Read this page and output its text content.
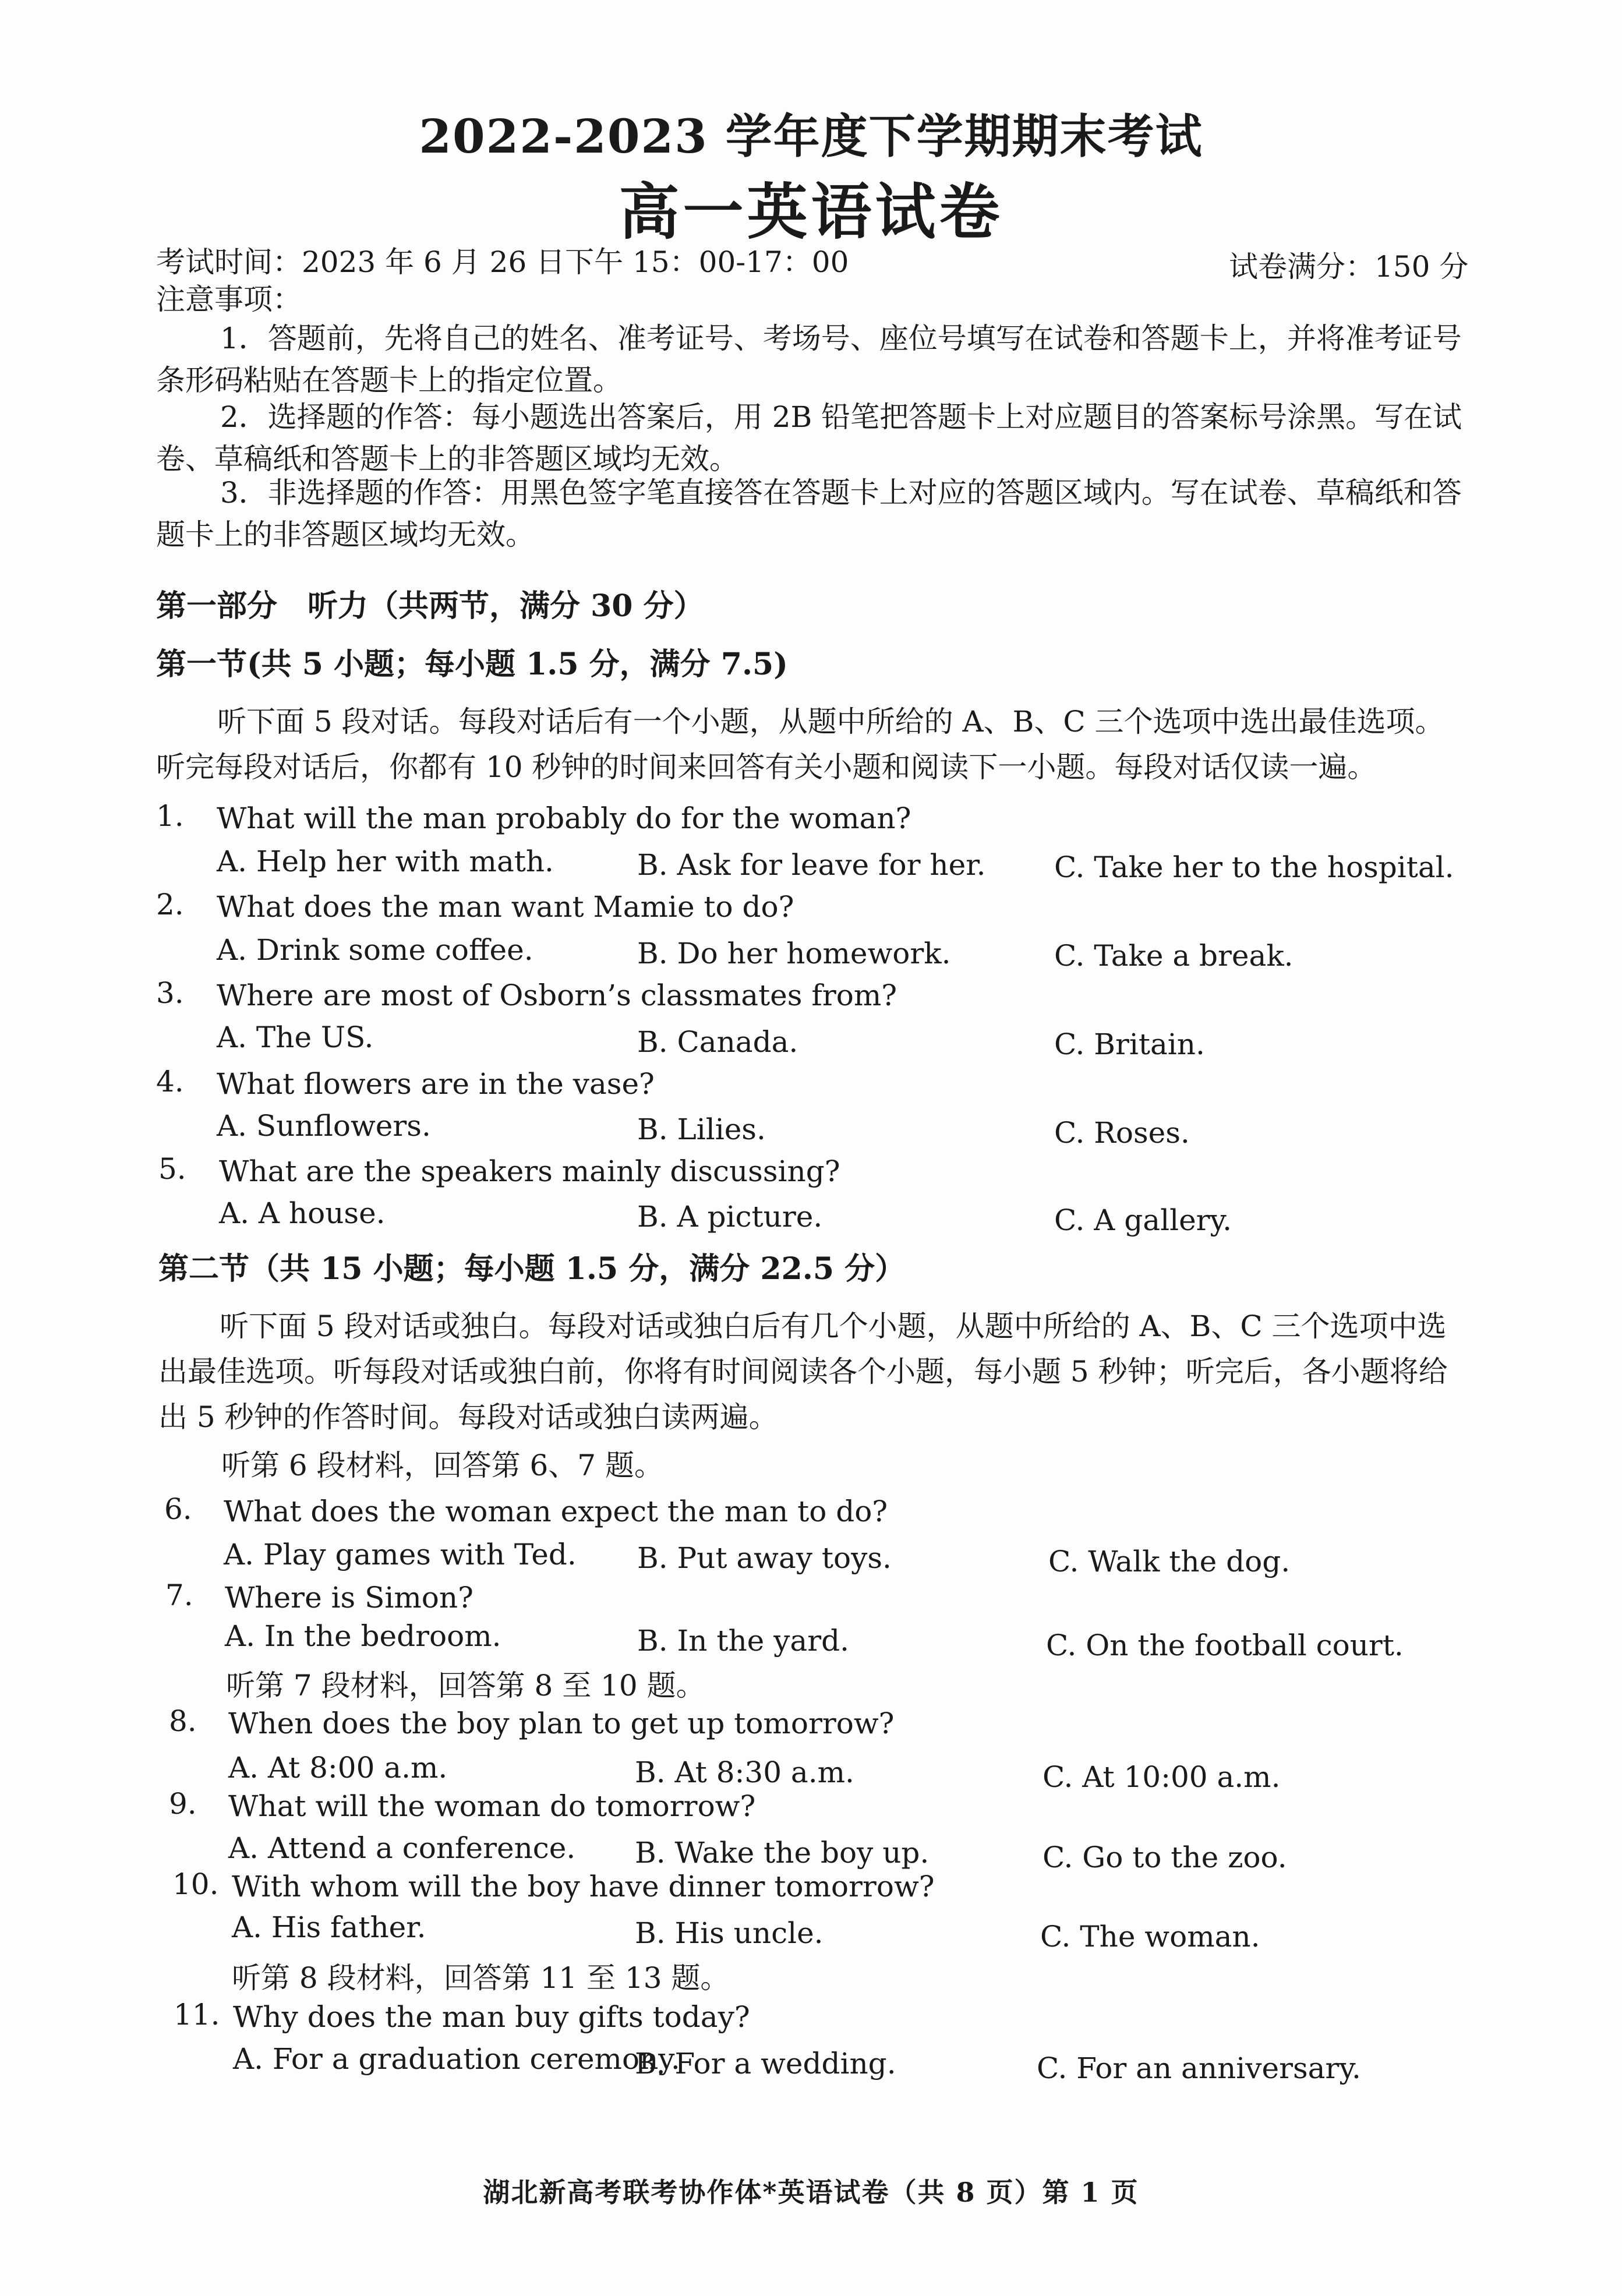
2022-2023 学年度下学期期末考试
高一英语试卷
考试时间：2023 年 6 月 26 日下午 15：00-17：00	试卷满分：150 分
注意事项：
1．答题前，先将自己的姓名、准考证号、考场号、座位号填写在试卷和答题卡上，并将准考证号条形码粘贴在答题卡上的指定位置。
2．选择题的作答：每小题选出答案后，用 2B 铅笔把答题卡上对应题目的答案标号涂黑。写在试卷、草稿纸和答题卡上的非答题区域均无效。
3．非选择题的作答：用黑色签字笔直接答在答题卡上对应的答题区域内。写在试卷、草稿纸和答题卡上的非答题区域均无效。
第一部分　听力（共两节，满分 30 分）
第一节(共 5 小题；每小题 1.5 分，满分 7.5)
听下面 5 段对话。每段对话后有一个小题，从题中所给的 A、B、C 三个选项中选出最佳选项。听完每段对话后，你都有 10 秒钟的时间来回答有关小题和阅读下一小题。每段对话仅读一遍。
1. What will the man probably do for the woman?
A. Help her with math.	B. Ask for leave for her. C. Take her to the hospital.
2. What does the man want Mamie to do?
A. Drink some coffee.	B. Do her homework.	C. Take a break.
3. Where are most of Osborn’s classmates from?
A. The US.	B. Canada.	C. Britain.
4. What flowers are in the vase?
A. Sunflowers.	B. Lilies.	C. Roses.
5. What are the speakers mainly discussing?
A. A house.	B. A picture.	C. A gallery.
第二节（共 15 小题；每小题 1.5 分，满分 22.5 分）
听下面 5 段对话或独白。每段对话或独白后有几个小题，从题中所给的 A、B、C 三个选项中选出最佳选项。听每段对话或独白前，你将有时间阅读各个小题，每小题 5 秒钟；听完后，各小题将给出 5 秒钟的作答时间。每段对话或独白读两遍。
听第 6 段材料，回答第 6、7 题。
6. What does the woman expect the man to do?
A. Play games with Ted. B. Put away toys.	C. Walk the dog.
7. Where is Simon?
A. In the bedroom.	B. In the yard.	C. On the football court.
听第 7 段材料，回答第 8 至 10 题。
8. When does the boy plan to get up tomorrow?
A. At 8:00 a.m.	B. At 8:30 a.m.	C. At 10:00 a.m.
9. What will the woman do tomorrow?
A. Attend a conference. B. Wake the boy up.	C. Go to the zoo.
10. With whom will the boy have dinner tomorrow?
A. His father.	B. His uncle.	C. The woman.
听第 8 段材料，回答第 11 至 13 题。
11. Why does the man buy gifts today?
A. For a graduation ceremony.
B. For a wedding.	C. For an anniversary.
湖北新高考联考协作体*英语试卷（共 8 页）第 1 页
